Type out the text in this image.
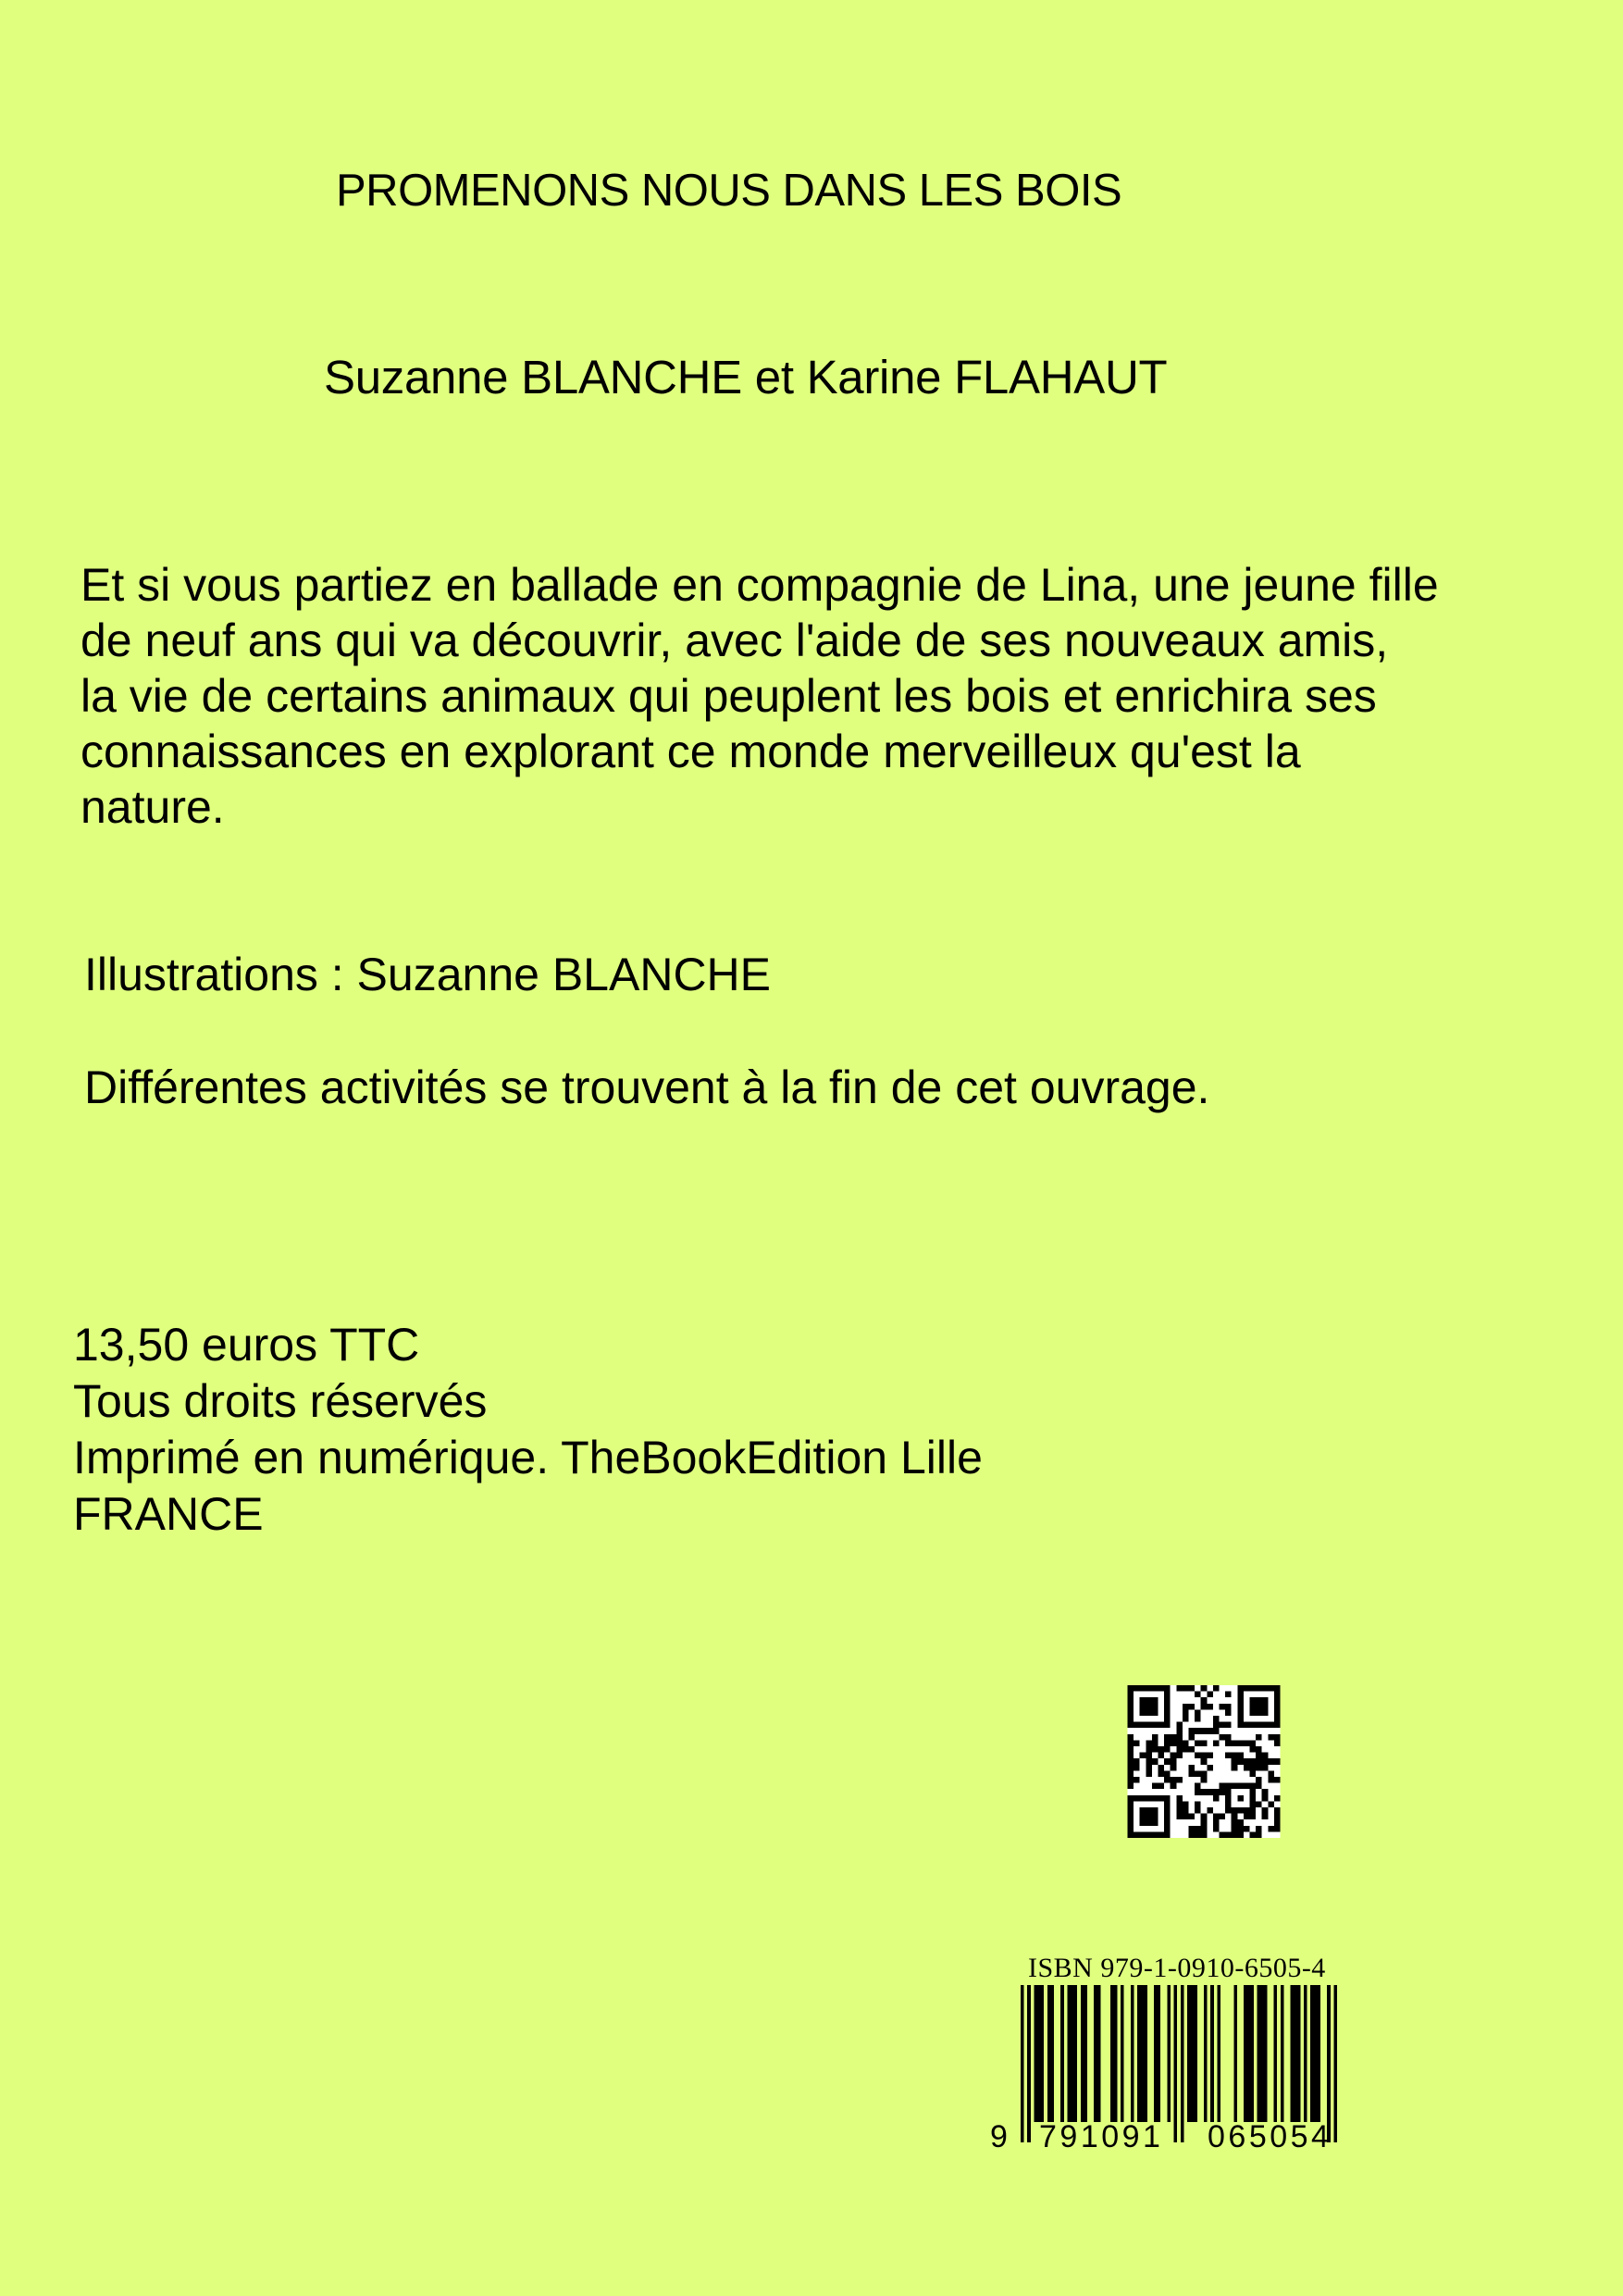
PROMENONS NOUS DANS LES BOIS
Suzanne BLANCHE et Karine FLAHAUT
Et si vous partiez en ballade en compagnie de Lina, une jeune fille
de neuf ans qui va découvrir, avec l'aide de ses nouveaux amis,
la vie de certains animaux qui peuplent les bois et enrichira ses
connaissances en explorant ce monde merveilleux qu'est la
nature.
Illustrations : Suzanne BLANCHE
Différentes activités se trouvent à la fin de cet ouvrage.
13,50 euros TTC
Tous droits réservés
Imprimé en numérique. TheBookEdition Lille
FRANCE
ISBN 979-1-0910-6505-4
9 791091 065054
